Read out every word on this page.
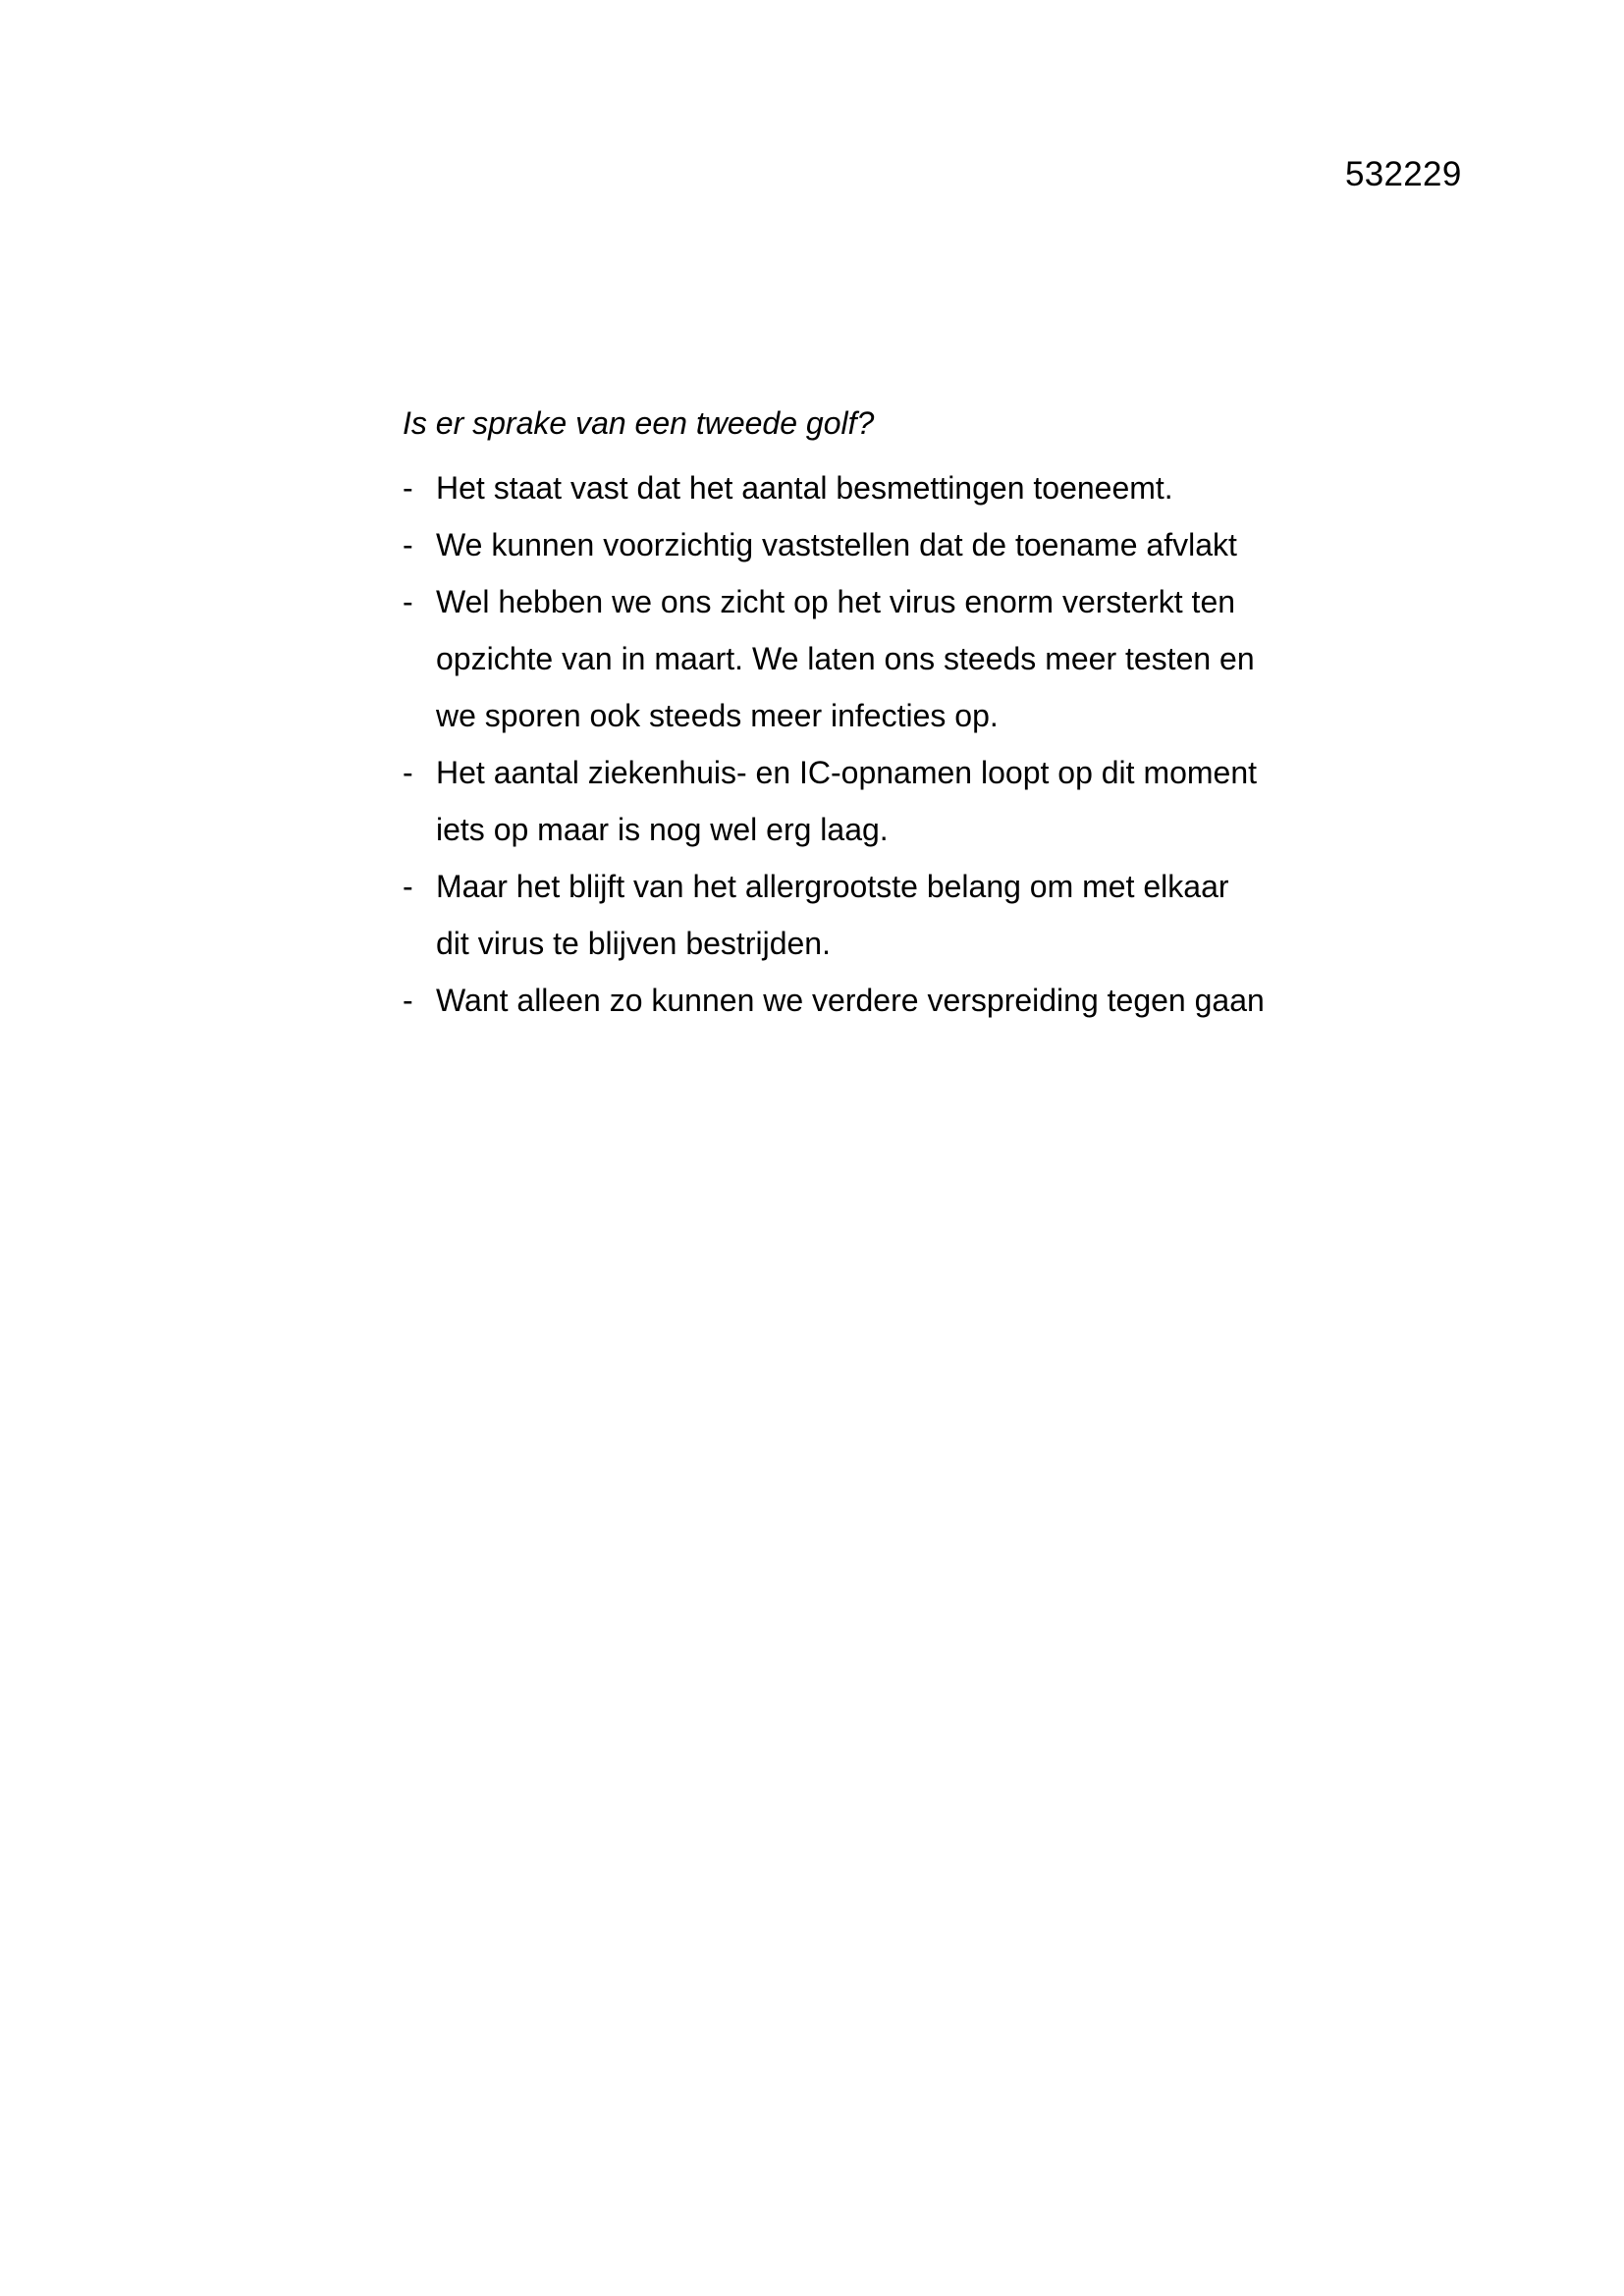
532229

Is er sprake van een tweede golf?

- Het staat vast dat het aantal besmettingen toeneemt.
- We kunnen voorzichtig vaststellen dat de toename afvlakt
- Wel hebben we ons zicht op het virus enorm versterkt ten opzichte van in maart. We laten ons steeds meer testen en we sporen ook steeds meer infecties op.
- Het aantal ziekenhuis- en IC-opnamen loopt op dit moment iets op maar is nog wel erg laag.
- Maar het blijft van het allergrootste belang om met elkaar dit virus te blijven bestrijden.
- Want alleen zo kunnen we verdere verspreiding tegen gaan
